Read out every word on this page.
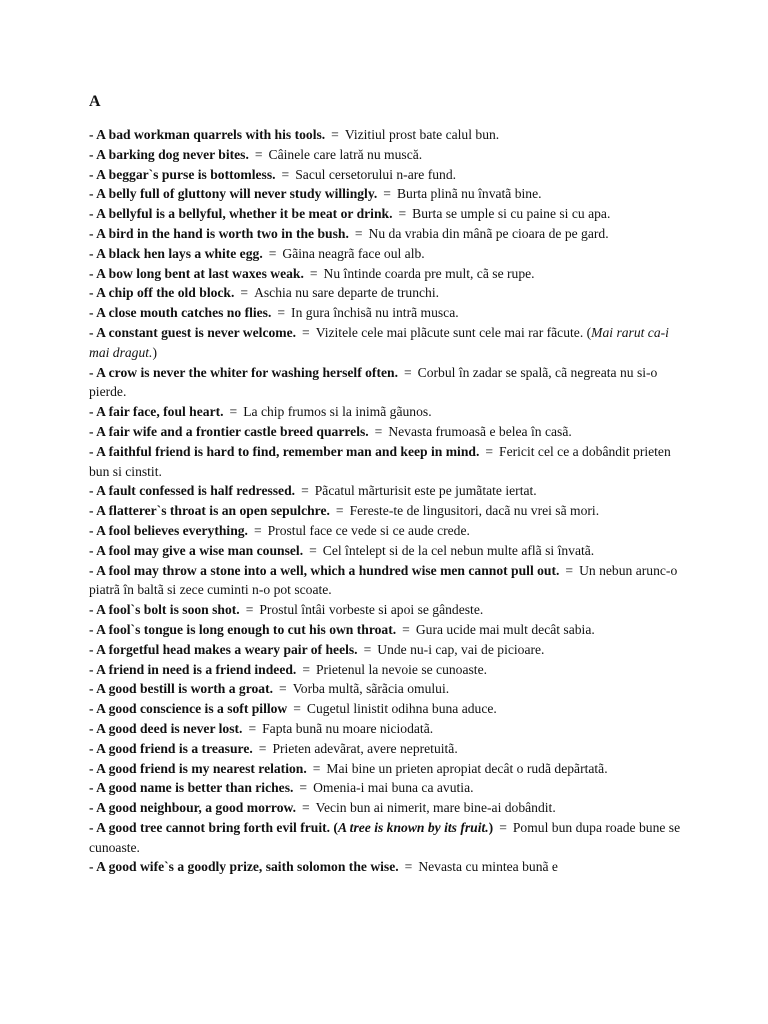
A
- A bad workman quarrels with his tools. = Vizitiul prost bate calul bun.
- A barking dog never bites. = Câinele care latră nu muscă.
- A beggar`s purse is bottomless. = Sacul cersetorului n-are fund.
- A belly full of gluttony will never study willingly. = Burta plinã nu învatã bine.
- A bellyful is a bellyful, whether it be meat or drink. = Burta se umple si cu paine si cu apa.
- A bird in the hand is worth two in the bush. = Nu da vrabia din mânã pe cioara de pe gard.
- A black hen lays a white egg. = Gãina neagrã face oul alb.
- A bow long bent at last waxes weak. = Nu întinde coarda pre mult, cã se rupe.
- A chip off the old block. = Aschia nu sare departe de trunchi.
- A close mouth catches no flies. = In gura închisã nu intrã musca.
- A constant guest is never welcome. = Vizitele cele mai plãcute sunt cele mai rar fãcute. (Mai rarut ca-i mai dragut.)
- A crow is never the whiter for washing herself often. = Corbul în zadar se spalã, cã negreata nu si-o pierde.
- A fair face, foul heart. = La chip frumos si la inimã gãunos.
- A fair wife and a frontier castle breed quarrels. = Nevasta frumoasã e belea în casã.
- A faithful friend is hard to find, remember man and keep in mind. = Fericit cel ce a dobândit prieten bun si cinstit.
- A fault confessed is half redressed. = Pãcatul mãrturisit este pe jumãtate iertat.
- A flatterer`s throat is an open sepulchre. = Fereste-te de lingusitori, dacã nu vrei sã mori.
- A fool believes everything. = Prostul face ce vede si ce aude crede.
- A fool may give a wise man counsel. = Cel întelept si de la cel nebun multe aflã si învatã.
- A fool may throw a stone into a well, which a hundred wise men cannot pull out. = Un nebun arunc-o piatrã în baltã si zece cuminti n-o pot scoate.
- A fool`s bolt is soon shot. = Prostul întâi vorbeste si apoi se gândeste.
- A fool`s tongue is long enough to cut his own throat. = Gura ucide mai mult decât sabia.
- A forgetful head makes a weary pair of heels. = Unde nu-i cap, vai de picioare.
- A friend in need is a friend indeed. = Prietenul la nevoie se cunoaste.
- A good bestill is worth a groat. = Vorba multã, sãrãcia omului.
- A good conscience is a soft pillow = Cugetul linistit odihna buna aduce.
- A good deed is never lost. = Fapta bunã nu moare niciodatã.
- A good friend is a treasure. = Prieten adevãrat, avere nepretuitã.
- A good friend is my nearest relation. = Mai bine un prieten apropiat decât o rudã depãrtatã.
- A good name is better than riches. = Omenia-i mai buna ca avutia.
- A good neighbour, a good morrow. = Vecin bun ai nimerit, mare bine-ai dobândit.
- A good tree cannot bring forth evil fruit. (A tree is known by its fruit.) = Pomul bun dupa roade bune se cunoaste.
- A good wife`s a goodly prize, saith solomon the wise. = Nevasta cu mintea bunã e
